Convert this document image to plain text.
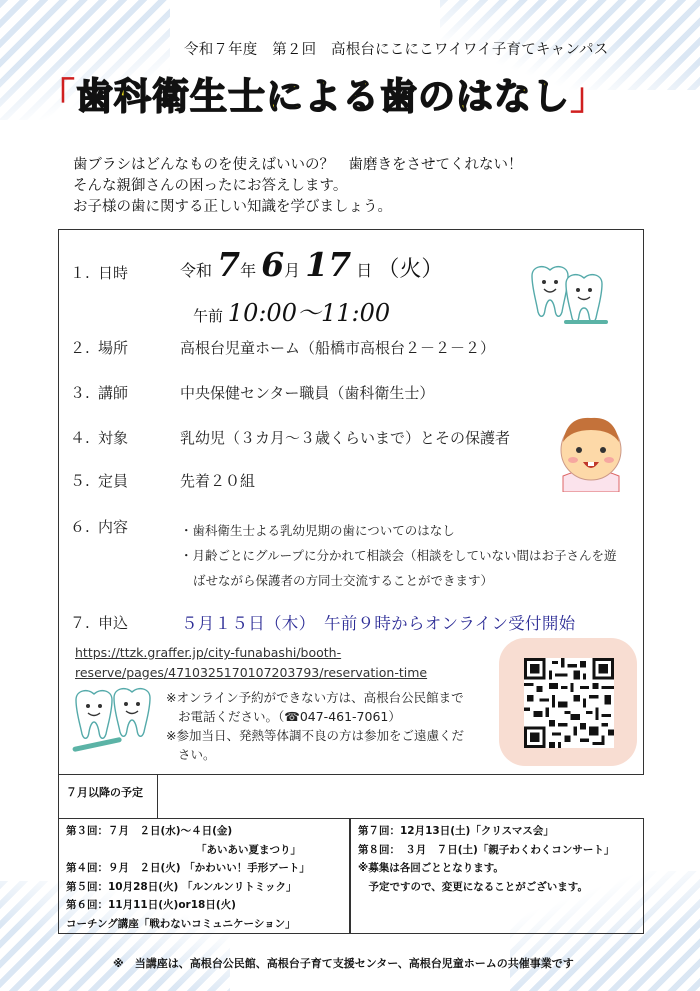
令和７年度　第２回　高根台にこにこワイワイ子育てキャンパス
「歯科衛生士による歯のはなし」
歯ブラシはどんなものを使えばいいの？　歯磨きをさせてくれない！
そんな親御さんの困ったにお答えします。
お子様の歯に関する正しい知識を学びましょう。
１. 日時	令和 7年 6月 17 日 （火）
午前 10:00〜11:00
２. 場所	高根台児童ホーム（船橋市高根台２－２－２）
３. 講師	中央保健センター職員（歯科衛生士）
４. 対象	乳幼児（３カ月〜３歳くらいまで）とその保護者
５. 定員	先着２０組
６. 内容	・歯科衛生士よる乳幼児期の歯についてのはなし
・月齢ごとにグループに分かれて相談会（相談をしていない間はお子さんを遊
ばせながら保護者の方同士交流することができます）
７. 申込	５月１５日（木）　午前９時からオンライン受付開始
https://ttzk.graffer.jp/city-funabashi/booth-
reserve/pages/4710325170107203793/reservation-time
※オンライン予約ができない方は、高根台公民館まで
お電話ください。（☎047-461-7061）
※参加当日、発熱等体調不良の方は参加をご遠慮くだ
さい。
７月以降の予定
第３回：７月　２日(水)〜４日(金)
「あいあい夏まつり」
第４回：９月　２日(火) 「かわいい！手形アート」
第５回：10月28日(火) 「ルンルンリトミック」
第６回：11月11日(火)or18日(火)
コーチング講座「戦わないコミュニケーション」
第７回：12月13日(土)「クリスマス会」
第８回：　３月　７日(土)「親子わくわくコンサート」
※募集は各回ごととなります。
　予定ですので、変更になることがございます。
※　当講座は、高根台公民館、高根台子育て支援センター、高根台児童ホームの共催事業です
